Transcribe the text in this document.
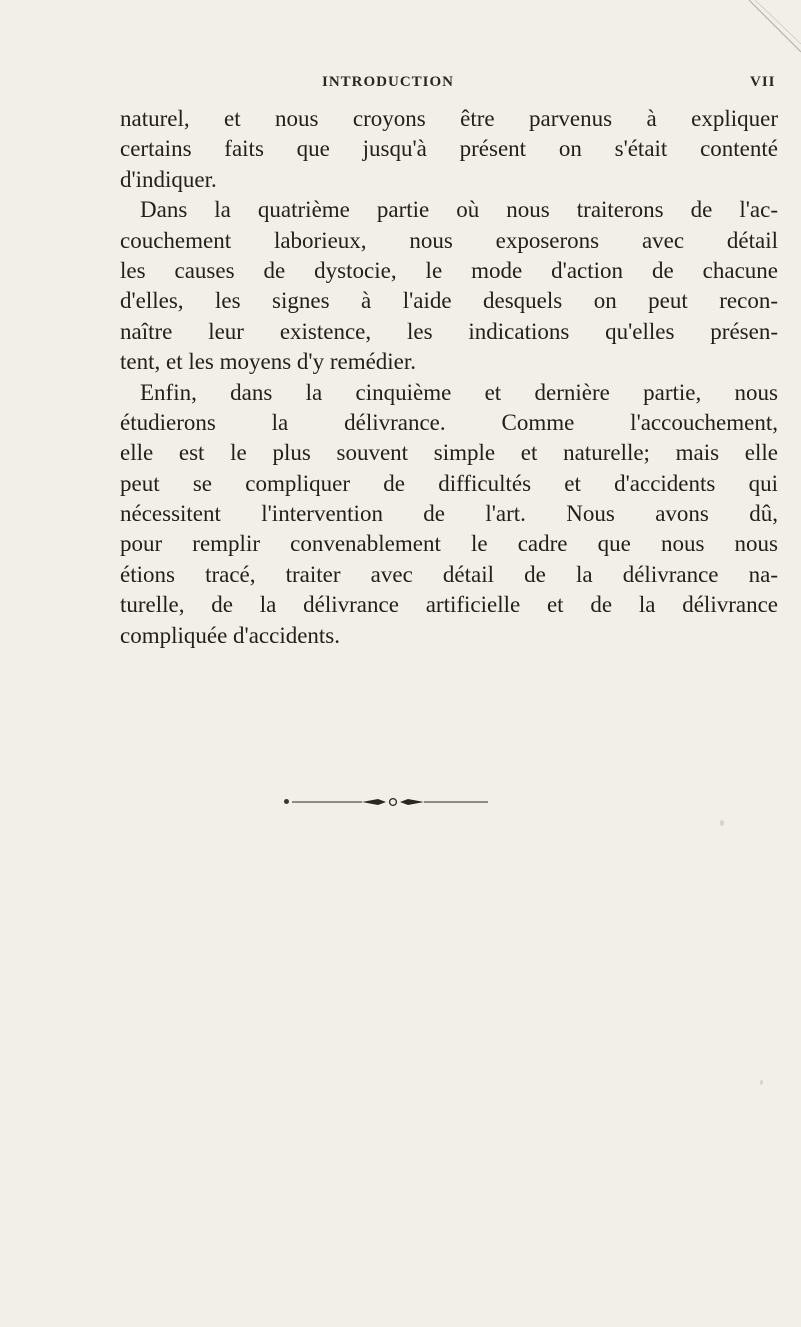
INTRODUCTION	VII
naturel, et nous croyons être parvenus à expliquer
certains faits que jusqu'à présent on s'était contenté
d'indiquer.
Dans la quatrième partie où nous traiterons de l'ac-
couchement laborieux, nous exposerons avec détail
les causes de dystocie, le mode d'action de chacune
d'elles, les signes à l'aide desquels on peut recon-
naître leur existence, les indications qu'elles présen-
tent, et les moyens d'y remédier.
Enfin, dans la cinquième et dernière partie, nous
étudierons la délivrance. Comme l'accouchement,
elle est le plus souvent simple et naturelle; mais elle
peut se compliquer de difficultés et d'accidents qui
nécessitent l'intervention de l'art. Nous avons dû,
pour remplir convenablement le cadre que nous nous
étions tracé, traiter avec détail de la délivrance na-
turelle, de la délivrance artificielle et de la délivrance
compliquée d'accidents.
